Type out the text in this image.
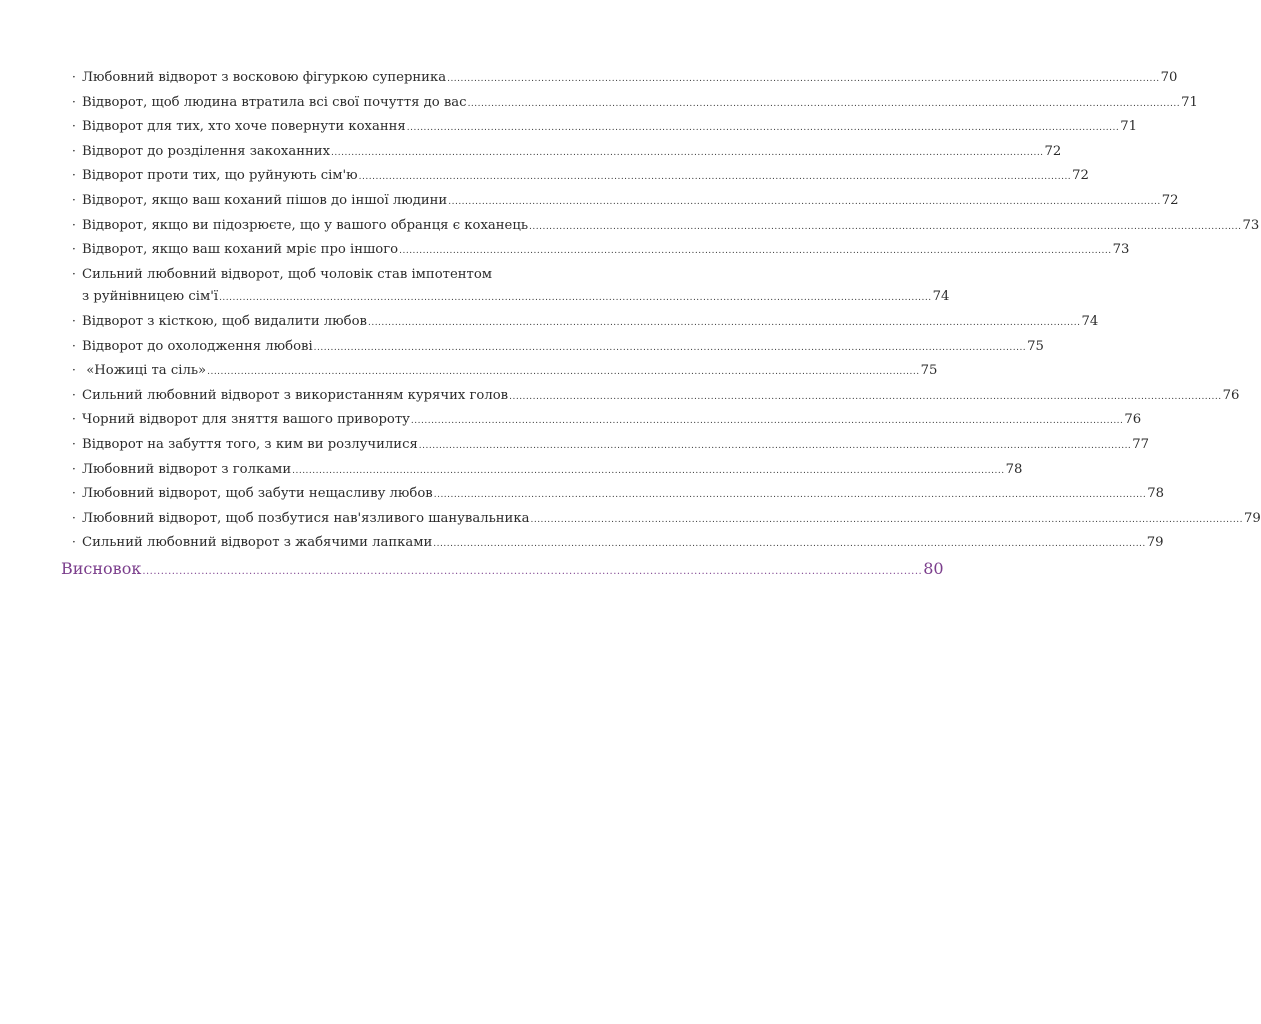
· Любовний відворот з восковою фігуркою суперника .....	70
· Відворот, щоб людина втратила всі свої почуття до вас .....	71
· Відворот для тих, хто хоче повернути кохання .....	71
· Відворот до розділення закоханних .....	72
· Відворот проти тих, що руйнують сім'ю .....	72
· Відворот, якщо ваш коханий пішов до іншої людини .....	72
· Відворот, якщо ви підозрюєте, що у вашого обранця є коханець .....	73
· Відворот, якщо ваш коханий мріє про іншого .....	73
· Сильний любовний відворот, щоб чоловік став імпотентом
з руйнівницею сім'ї .....	74
· Відворот з кісткою, щоб видалити любов .....	74
· Відворот до охолодження любові .....	75
· «Ножиці та сіль» .....	75
· Сильний любовний відворот з використанням курячих голов .....	76
· Чорний відворот для зняття вашого привороту .....	76
· Відворот на забуття того, з ким ви розлучилися .....	77
· Любовний відворот з голками .....	78
· Любовний відворот, щоб забути нещасливу любов .....	78
· Любовний відворот, щоб позбутися нав'язливого шанувальника .....	79
· Сильний любовний відворот з жабячими лапками .....	79
Висновок .....	80
